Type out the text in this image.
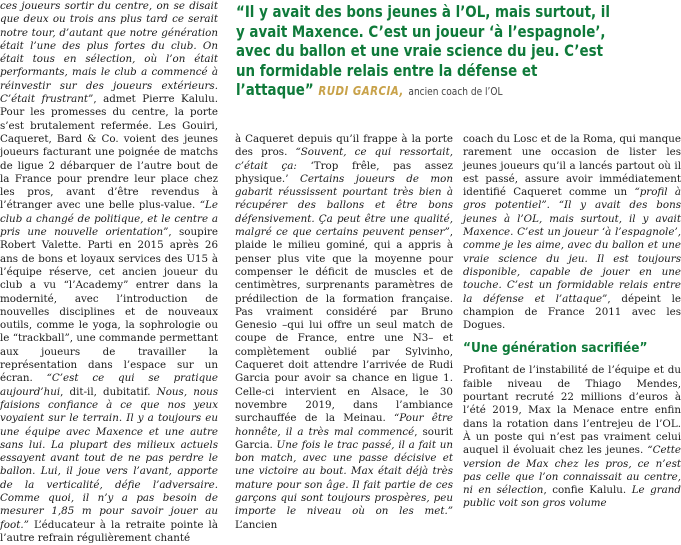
ces joueurs sortir du centre, on se disait que deux ou trois ans plus tard ce serait notre tour, d’autant que notre génération était l’une des plus fortes du club. On était tous en sélection, où l’on était performants, mais le club a commencé à réinvestir sur des joueurs extérieurs. C’était frustrant”, admet Pierre Kalulu. Pour les promesses du centre, la porte s’est brutalement refermée. Les Gouiri, Caqueret, Bard & Co. voient des jeunes joueurs facturant une poignée de matchs de ligue 2 débarquer de l’autre bout de la France pour prendre leur place chez les pros, avant d’être revendus à l’étranger avec une belle plus-value. “Le club a changé de politique, et le centre a pris une nouvelle orientation”, soupire Robert Valette. Parti en 2015 après 26 ans de bons et loyaux services des U15 à l’équipe réserve, cet ancien joueur du club a vu “l’Academy” entrer dans la modernité, avec l’introduction de nouvelles disciplines et de nouveaux outils, comme le yoga, la sophrologie ou le “trackball”, une commande permettant aux joueurs de travailler la représentation dans l’espace sur un écran. “C’est ce qui se pratique aujourd’hui, dit-il, dubitatif. Nous, nous faisions confiance à ce que nos yeux voyaient sur le terrain. Il y a toujours eu une équipe avec Maxence et une autre sans lui. La plupart des milieux actuels essayent avant tout de ne pas perdre le ballon. Lui, il joue vers l’avant, apporte de la verticalité, défie l’adversaire. Comme quoi, il n’y a pas besoin de mesurer 1,85 m pour savoir jouer au foot.” L’éducateur à la retraite pointe là l’autre refrain régulièrement chanté

“Il y avait des bons jeunes à l’OL, mais surtout, il y avait Maxence. C’est un joueur ‘à l’espagnole’, avec du ballon et une vraie science du jeu. C’est un formidable relais entre la défense et l’attaque” RUDI GARCIA, ancien coach de l’OL

à Caqueret depuis qu’il frappe à la porte des pros. “Souvent, ce qui ressortait, c’était ça: ‘Trop frêle, pas assez physique.’ Certains joueurs de mon gabarit réussissent pourtant très bien à récupérer des ballons et être bons défensivement. Ça peut être une qualité, malgré ce que certains peuvent penser”, plaide le milieu gominé, qui a appris à penser plus vite que la moyenne pour compenser le déficit de muscles et de centimètres, surprenants paramètres de prédilection de la formation française. Pas vraiment considéré par Bruno Genesio –qui lui offre un seul match de coupe de France, entre une N3– et complètement oublié par Sylvinho, Caqueret doit attendre l’arrivée de Rudi Garcia pour avoir sa chance en ligue 1. Celle-ci intervient en Alsace, le 30 novembre 2019, dans l’ambiance surchauffée de la Meinau. “Pour être honnête, il a très mal commencé, sourit Garcia. Une fois le trac passé, il a fait un bon match, avec une passe décisive et une victoire au bout. Max était déjà très mature pour son âge. Il fait partie de ces garçons qui sont toujours prospères, peu importe le niveau où on les met.” L’ancien

coach du Losc et de la Roma, qui manque rarement une occasion de lister les jeunes joueurs qu’il a lancés partout où il est passé, assure avoir immédiatement identifié Caqueret comme un “profil à gros potentiel”. “Il y avait des bons jeunes à l’OL, mais surtout, il y avait Maxence. C’est un joueur ‘à l’espagnole’, comme je les aime, avec du ballon et une vraie science du jeu. Il est toujours disponible, capable de jouer en une touche. C’est un formidable relais entre la défense et l’attaque”, dépeint le champion de France 2011 avec les Dogues.

“Une génération sacrifiée”

Profitant de l’instabilité de l’équipe et du faible niveau de Thiago Mendes, pourtant recruté 22 millions d’euros à l’été 2019, Max la Menace entre enfin dans la rotation dans l’entrejeu de l’OL. À un poste qui n’est pas vraiment celui auquel il évoluait chez les jeunes. “Cette version de Max chez les pros, ce n’est pas celle que l’on connaissait au centre, ni en sélection, confie Kalulu. Le grand public voit son gros volume
